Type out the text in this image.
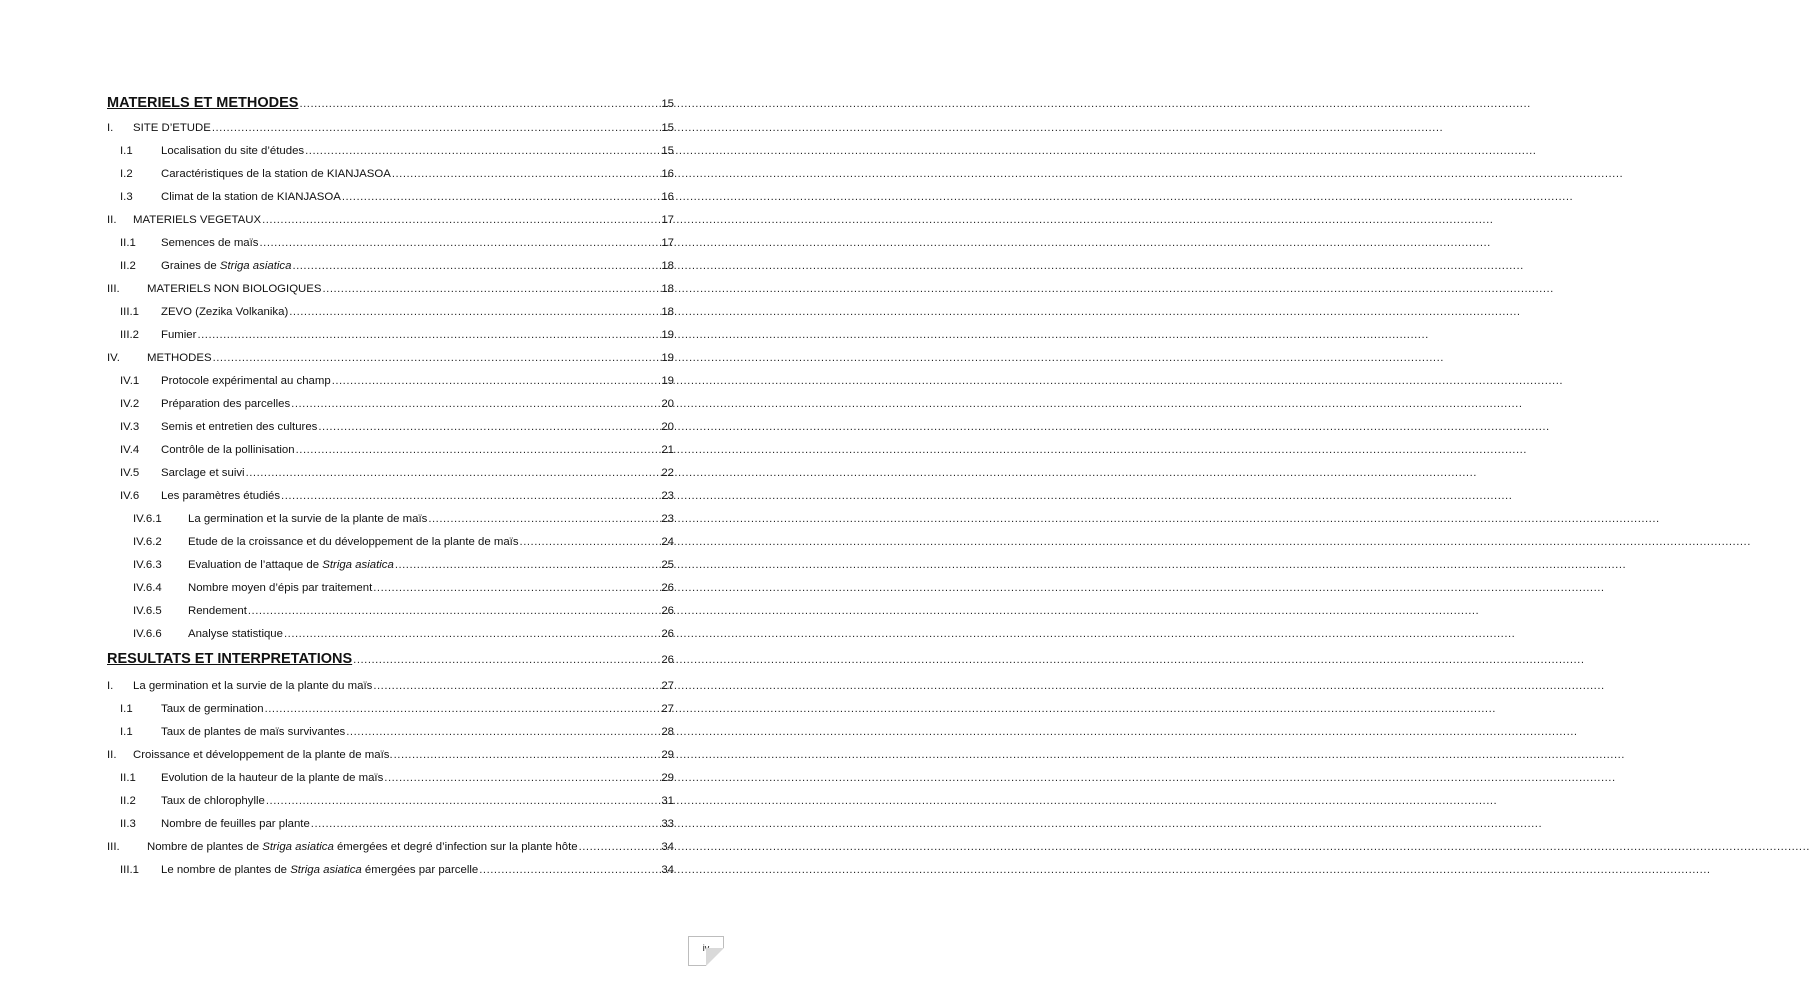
MATERIELS ET METHODES .....	15
I.	SITE D’ETUDE .....	15
I.1	Localisation du site d’études .....	15
I.2	Caractéristiques de la station de KIANJASOA .....	16
I.3	Climat de la station de KIANJASOA .....	16
II.	MATERIELS VEGETAUX .....	17
II.1	Semences de maïs .....	17
II.2	Graines de Striga asiatica .....	18
III.	MATERIELS NON BIOLOGIQUES .....	18
III.1	ZEVO (Zezika Volkanika) .....	18
III.2	Fumier .....	19
IV.	METHODES .....	19
IV.1	Protocole expérimental au champ .....	19
IV.2	Préparation des parcelles .....	20
IV.3	Semis et entretien des cultures .....	20
IV.4	Contrôle de la pollinisation .....	21
IV.5	Sarclage et suivi .....	22
IV.6	Les paramètres étudiés .....	23
IV.6.1	La germination et la survie de la plante de maïs .....	23
IV.6.2	Etude de la croissance et du développement de la plante de maïs .....	24
IV.6.3	Evaluation de l’attaque de Striga asiatica .....	25
IV.6.4	Nombre moyen d’épis par traitement .....	26
IV.6.5	Rendement .....	26
IV.6.6	Analyse statistique .....	26
RESULTATS ET INTERPRETATIONS .....	26
I.	La germination et la survie de la plante du maïs .....	27
I.1	Taux de germination .....	27
I.1	Taux de plantes de maïs survivantes .....	28
II.	Croissance et développement de la plante de maïs. .....	29
II.1	Evolution de la hauteur de la plante de maïs .....	29
II.2	Taux de chlorophylle .....	31
II.3	Nombre de feuilles par plante .....	33
III.	Nombre de plantes de Striga asiatica émergées et degré d’infection sur la plante hôte .....	34
III.1	Le nombre de plantes de Striga asiatica émergées par parcelle .....	34
iv
